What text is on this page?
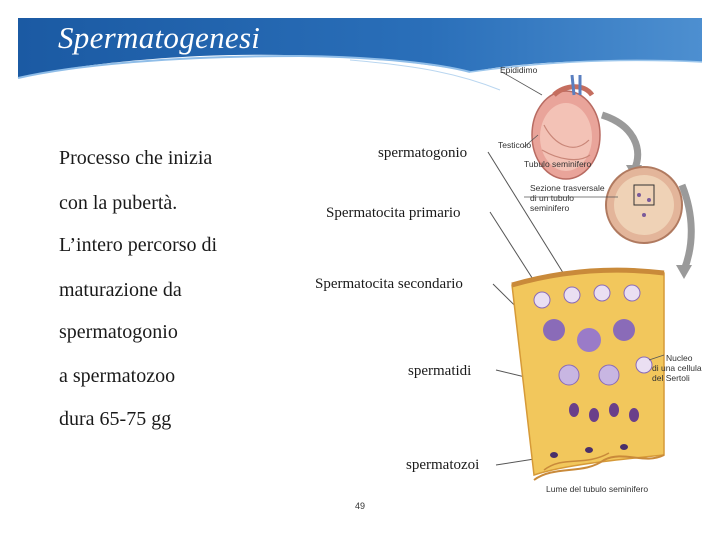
Spermatogenesi
Processo che inizia
con la pubertà.
L’intero percorso di
maturazione da
spermatogonio
a spermatozoo
dura 65-75 gg
spermatogonio
Spermatocita primario
Spermatocita secondario
spermatidi
spermatozoi
Epididimo
Testicolo
Tubulo seminifero
Sezione trasversale
di un tubulo
seminifero
Nucleo
di una cellula
del Sertoli
Lume del tubulo seminifero
49
